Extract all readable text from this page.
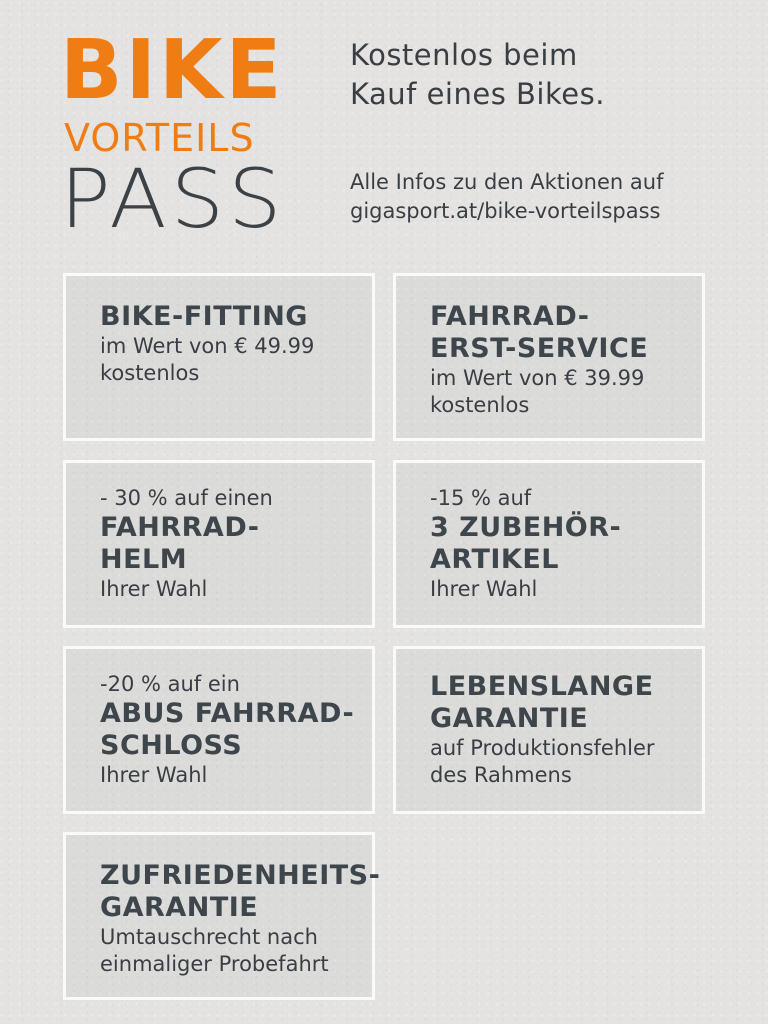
BIKE
VORTEILS
PASS
Kostenlos beim
Kauf eines Bikes.
Alle Infos zu den Aktionen auf
gigasport.at/bike-vorteilspass
BIKE-FITTING
im Wert von € 49.99
kostenlos
FAHRRAD-
ERST-SERVICE
im Wert von € 39.99
kostenlos
- 30 % auf einen
FAHRRAD-
HELM
Ihrer Wahl
-15 % auf
3 ZUBEHÖR-
ARTIKEL
Ihrer Wahl
-20 % auf ein
ABUS FAHRRAD-
SCHLOSS
Ihrer Wahl
LEBENSLANGE
GARANTIE
auf Produktionsfehler
des Rahmens
ZUFRIEDENHEITS-
GARANTIE
Umtauschrecht nach
einmaliger Probefahrt
